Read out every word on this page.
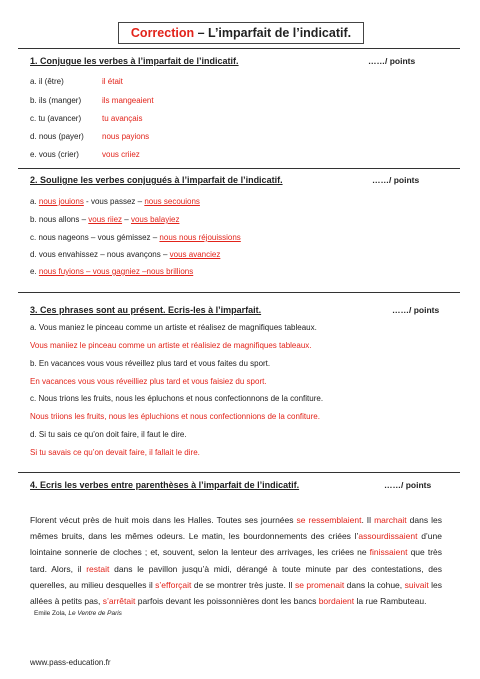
Correction – L’imparfait de l’indicatif.
1. Conjugue les verbes à l’imparfait de l’indicatif.	……/ points
a. il (être)	il était
b. ils (manger)	ils mangeaient
c. tu (avancer)	tu avançais
d. nous (payer) nous payions
e. vous (crier)	vous criiez
2. Souligne les verbes conjugués à l’imparfait de l’indicatif.	……/ points
a. nous jouions - vous passez – nous secouions
b. nous allons – vous riiez – vous balayiez
c. nous nageons – vous gémissez – nous nous réjouissions
d. vous envahissez – nous avançons – vous avanciez
e. nous fuyions – vous gagniez –nous brillions
3. Ces phrases sont au présent. Ecris-les à l’imparfait.	……/ points
a. Vous maniez le pinceau comme un artiste et réalisez de magnifiques tableaux.
Vous maniiez le pinceau comme un artiste et réalisiez de magnifiques tableaux.
b. En vacances vous vous réveillez plus tard et vous faites du sport.
En vacances vous vous réveilliez plus tard et vous faisiez du sport.
c. Nous trions les fruits, nous les épluchons et nous confectionnons de la confiture.
Nous triions les fruits, nous les épluchions et nous confectionnions de la confiture.
d. Si tu sais ce qu’on doit faire, il faut le dire.
Si tu savais ce qu’on devait faire, il fallait le dire.
4. Ecris les verbes entre parenthèses à l’imparfait de l’indicatif.	……/ points
Florent vécut près de huit mois dans les Halles. Toutes ses journées se ressemblaient. Il marchait dans les mêmes bruits, dans les mêmes odeurs. Le matin, les bourdonnements des criées l’assourdissaient d’une lointaine sonnerie de cloches ; et, souvent, selon la lenteur des arrivages, les criées ne finissaient que très tard. Alors, il restait dans le pavillon jusqu’à midi, dérangé à toute minute par des contestations, des querelles, au milieu desquelles il s’efforçait de se montrer très juste. Il se promenait dans la cohue, suivait les allées à petits pas, s’arrêtait parfois devant les poissonnières dont les bancs bordaient la rue Rambuteau.
Emile Zola, Le Ventre de Paris
www.pass-education.fr
